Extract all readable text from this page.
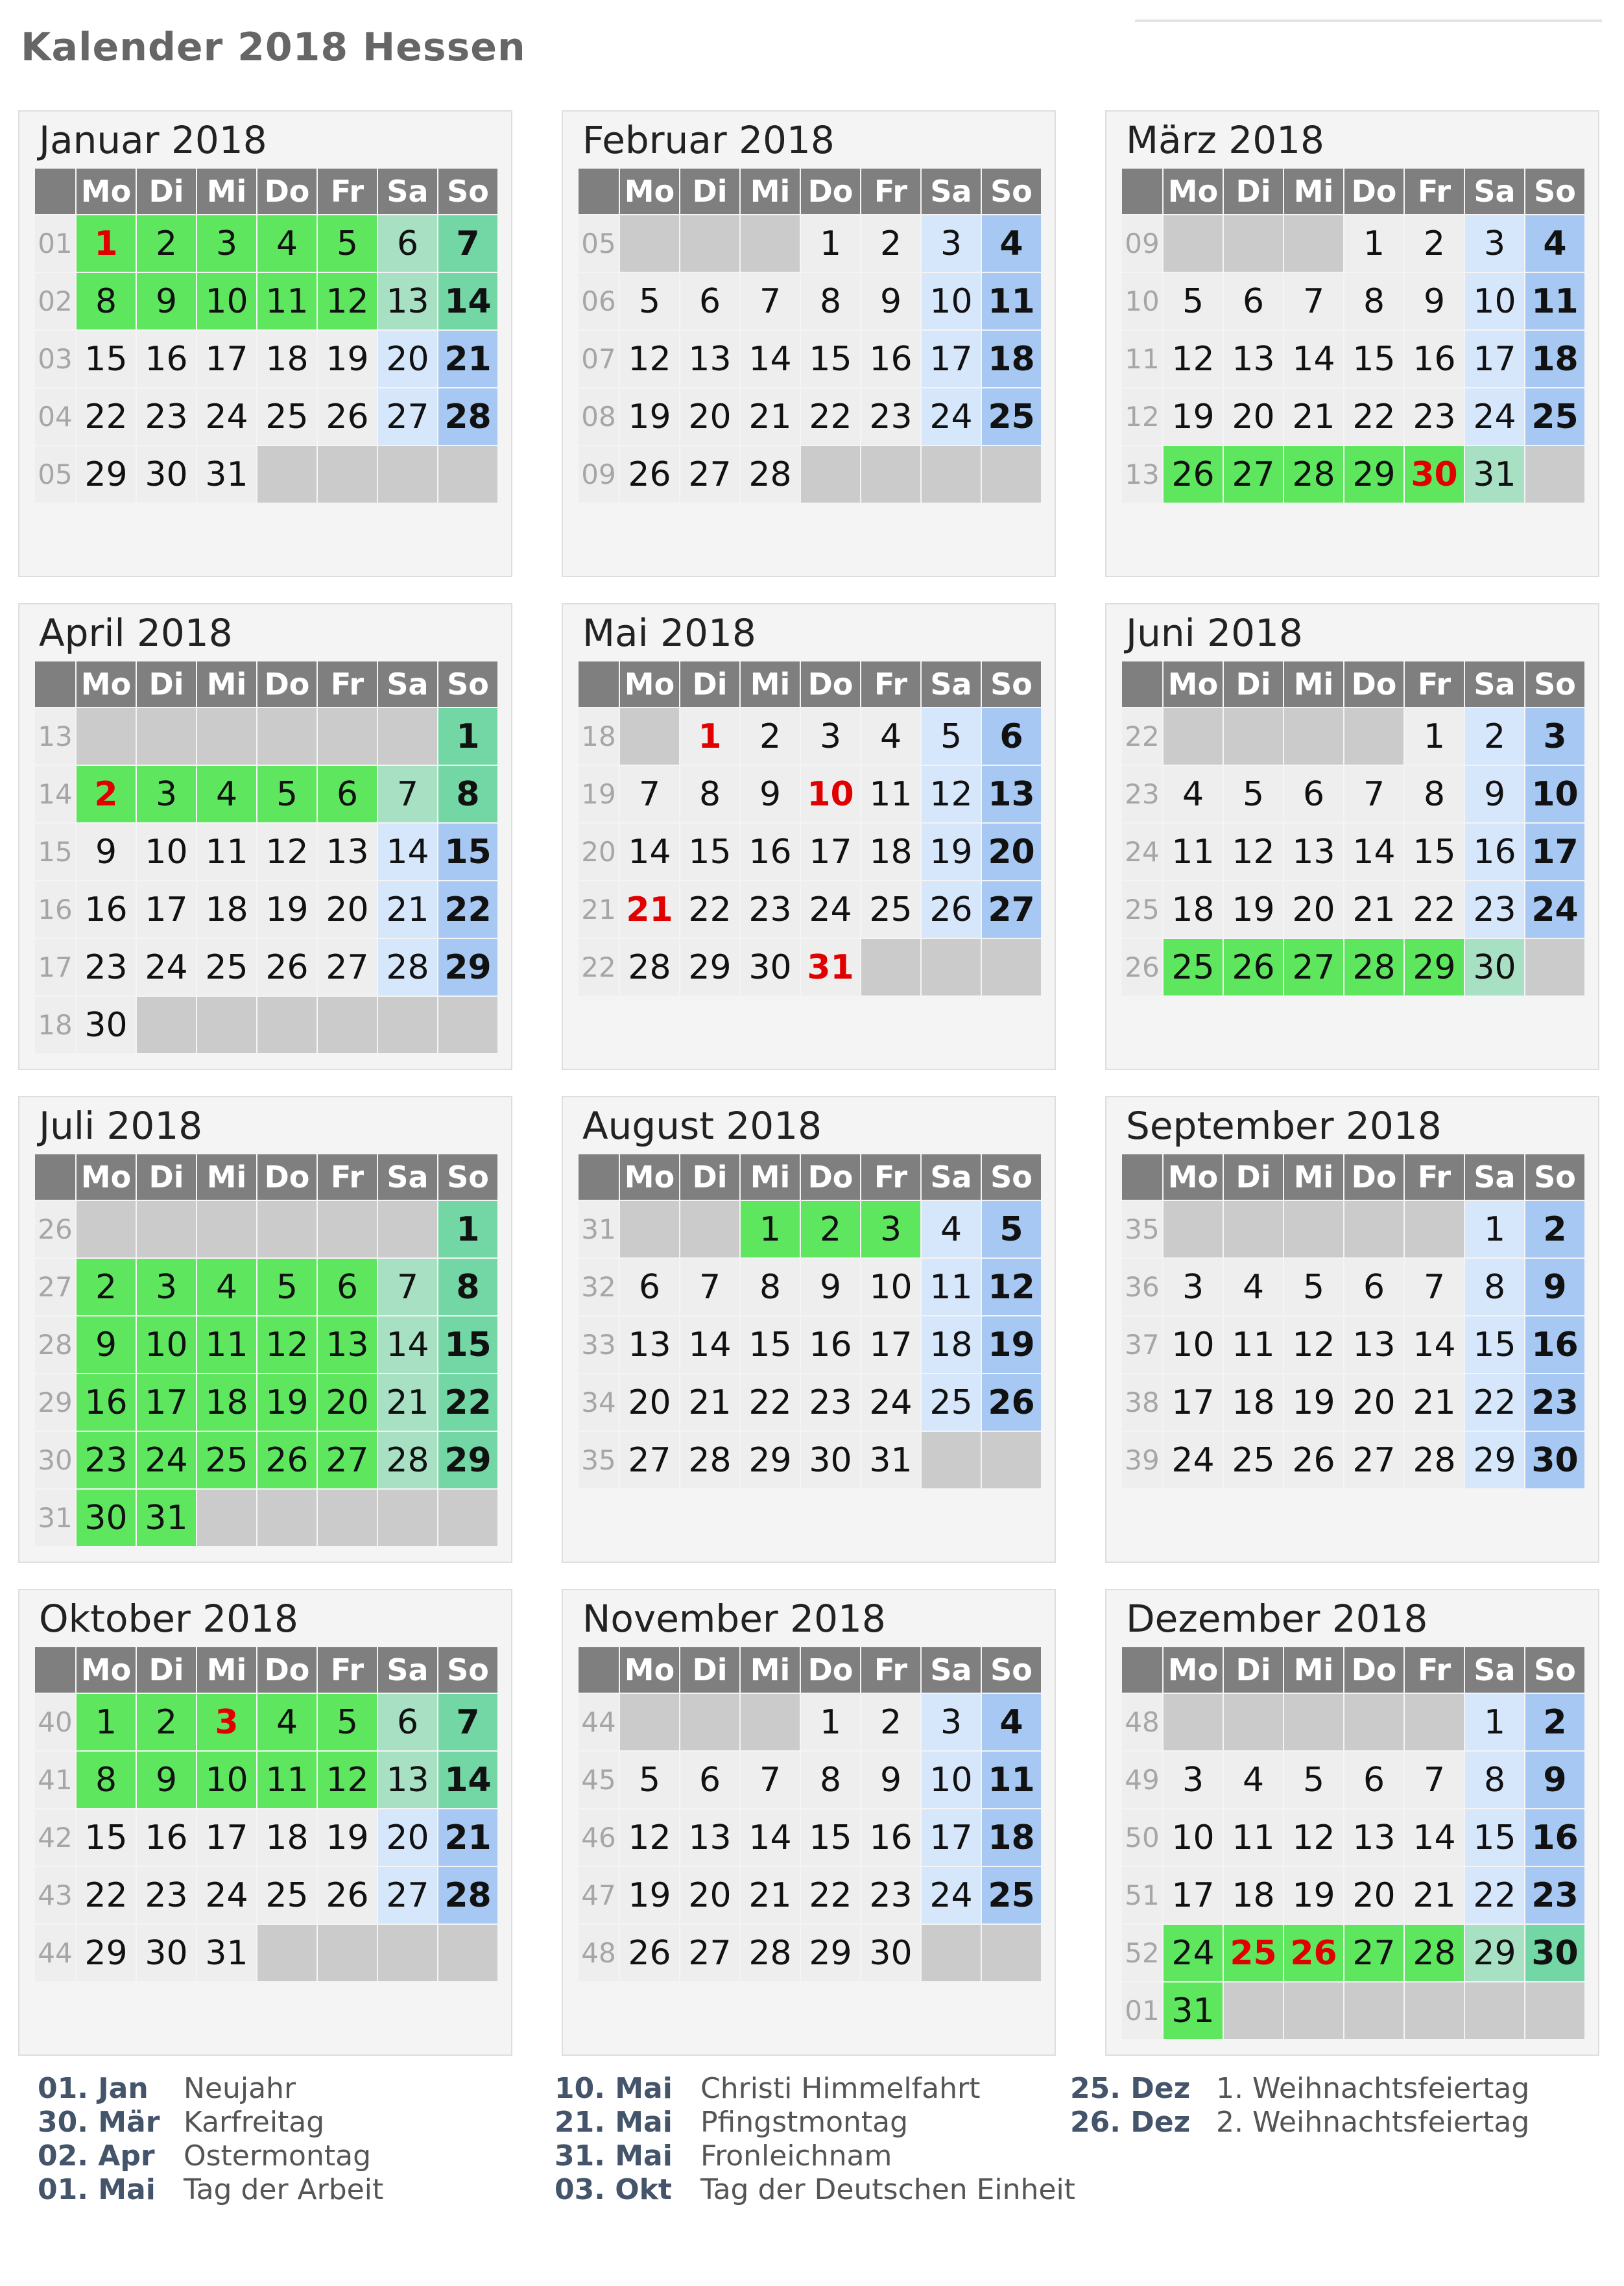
Kalender 2018 Hessen
Januar 2018
	Mo	Di	Mi	Do	Fr	Sa	So
01	1	2	3	4	5	6	7
02	8	9	10	11	12	13	14
03	15	16	17	18	19	20	21
04	22	23	24	25	26	27	28
05	29	30	31				
Februar 2018
	Mo	Di	Mi	Do	Fr	Sa	So
05				1	2	3	4
06	5	6	7	8	9	10	11
07	12	13	14	15	16	17	18
08	19	20	21	22	23	24	25
09	26	27	28				
März 2018
	Mo	Di	Mi	Do	Fr	Sa	So
09				1	2	3	4
10	5	6	7	8	9	10	11
11	12	13	14	15	16	17	18
12	19	20	21	22	23	24	25
13	26	27	28	29	30	31	
April 2018
	Mo	Di	Mi	Do	Fr	Sa	So
13							1
14	2	3	4	5	6	7	8
15	9	10	11	12	13	14	15
16	16	17	18	19	20	21	22
17	23	24	25	26	27	28	29
18	30						
Mai 2018
	Mo	Di	Mi	Do	Fr	Sa	So
18		1	2	3	4	5	6
19	7	8	9	10	11	12	13
20	14	15	16	17	18	19	20
21	21	22	23	24	25	26	27
22	28	29	30	31			
Juni 2018
	Mo	Di	Mi	Do	Fr	Sa	So
22					1	2	3
23	4	5	6	7	8	9	10
24	11	12	13	14	15	16	17
25	18	19	20	21	22	23	24
26	25	26	27	28	29	30	
Juli 2018
	Mo	Di	Mi	Do	Fr	Sa	So
26							1
27	2	3	4	5	6	7	8
28	9	10	11	12	13	14	15
29	16	17	18	19	20	21	22
30	23	24	25	26	27	28	29
31	30	31					
August 2018
	Mo	Di	Mi	Do	Fr	Sa	So
31			1	2	3	4	5
32	6	7	8	9	10	11	12
33	13	14	15	16	17	18	19
34	20	21	22	23	24	25	26
35	27	28	29	30	31		
September 2018
	Mo	Di	Mi	Do	Fr	Sa	So
35						1	2
36	3	4	5	6	7	8	9
37	10	11	12	13	14	15	16
38	17	18	19	20	21	22	23
39	24	25	26	27	28	29	30
Oktober 2018
	Mo	Di	Mi	Do	Fr	Sa	So
40	1	2	3	4	5	6	7
41	8	9	10	11	12	13	14
42	15	16	17	18	19	20	21
43	22	23	24	25	26	27	28
44	29	30	31				
November 2018
	Mo	Di	Mi	Do	Fr	Sa	So
44				1	2	3	4
45	5	6	7	8	9	10	11
46	12	13	14	15	16	17	18
47	19	20	21	22	23	24	25
48	26	27	28	29	30		
Dezember 2018
	Mo	Di	Mi	Do	Fr	Sa	So
48						1	2
49	3	4	5	6	7	8	9
50	10	11	12	13	14	15	16
51	17	18	19	20	21	22	23
52	24	25	26	27	28	29	30
01	31						
01. Jan Neujahr
30. Mär Karfreitag
02. Apr Ostermontag
01. Mai Tag der Arbeit
10. Mai Christi Himmelfahrt
21. Mai Pfingstmontag
31. Mai Fronleichnam
03. Okt Tag der Deutschen Einheit
25. Dez 1. Weihnachtsfeiertag
26. Dez 2. Weihnachtsfeiertag
